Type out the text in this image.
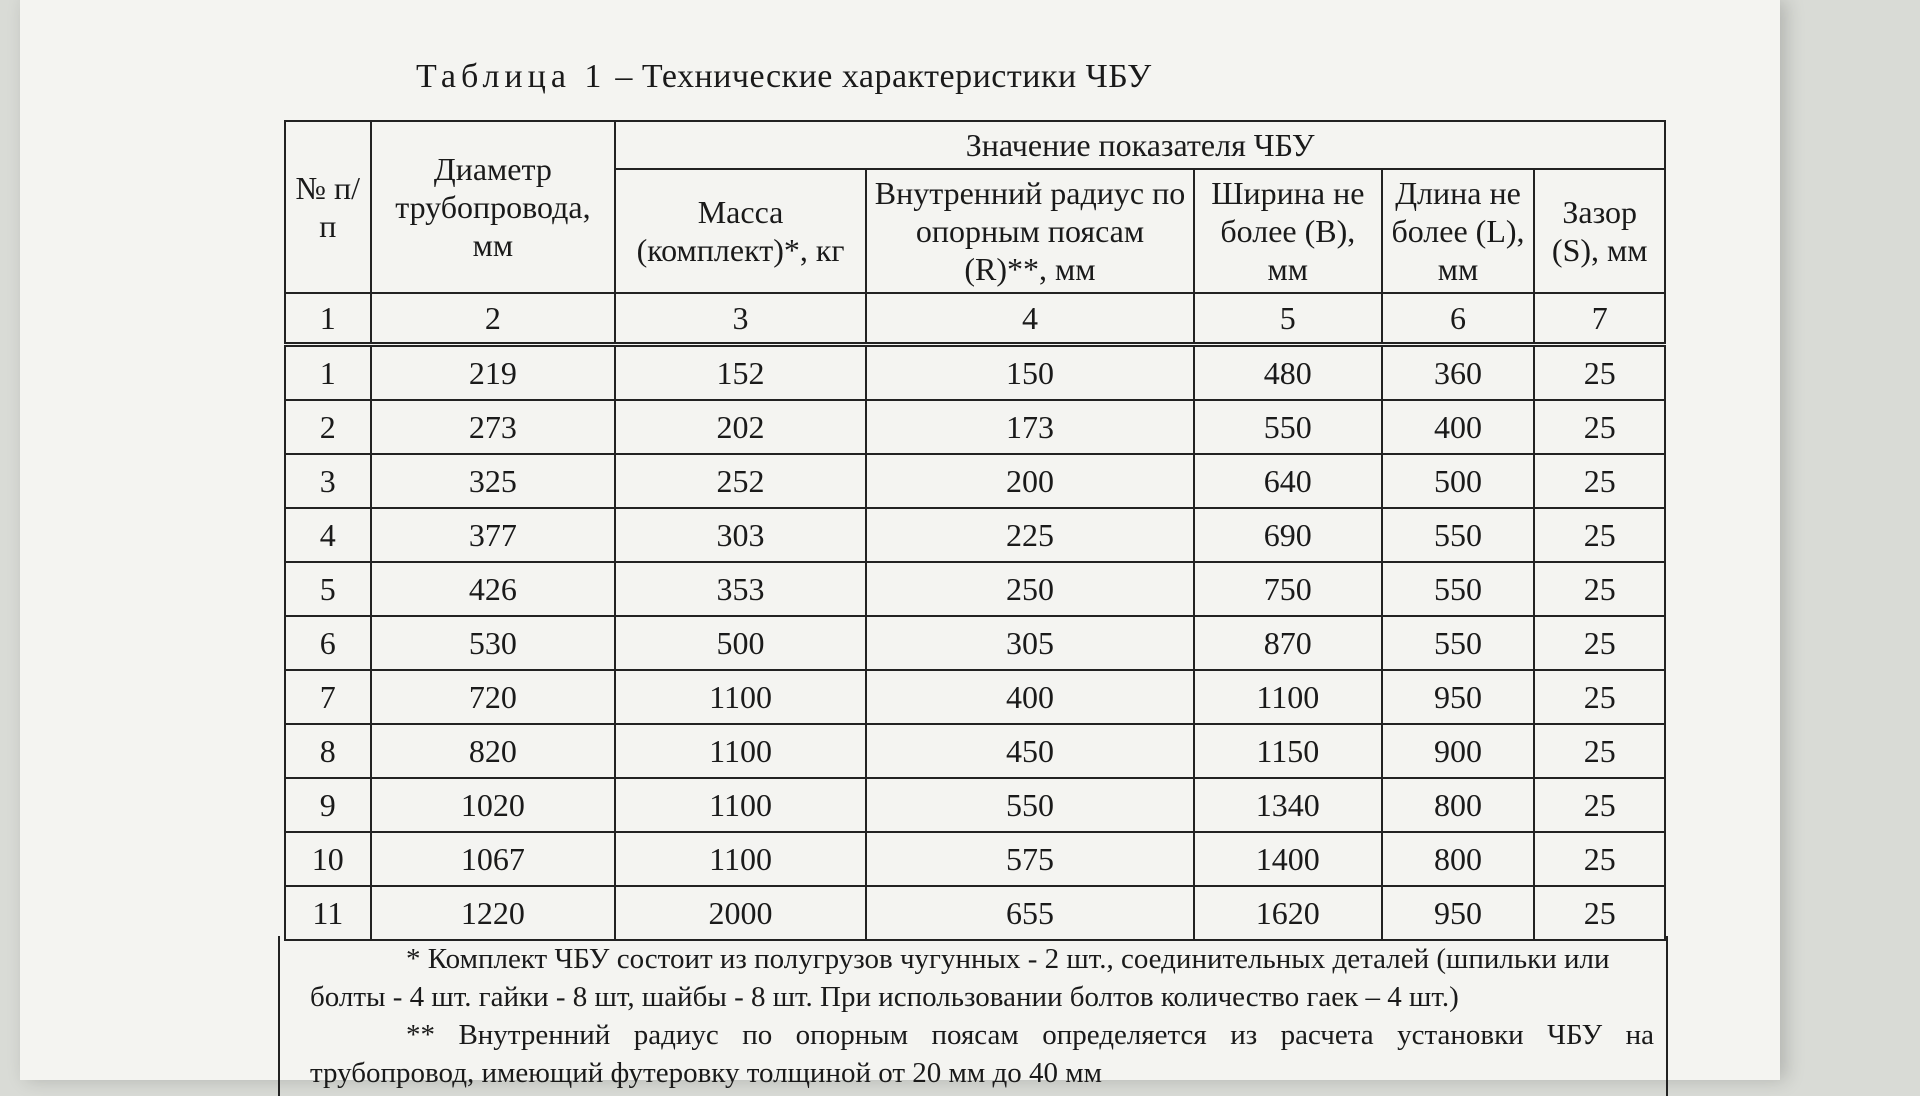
Таблица 1 – Технические характеристики ЧБУ
№ п/п	Диаметр трубопровода, мм	Значение показателя ЧБУ				
		Масса (комплект)*, кг	Внутренний радиус по опорным поясам (R)**, мм	Ширина не более (B), мм	Длина не более (L), мм	Зазор (S), мм
1	2	3	4	5	6	7
1	219	152	150	480	360	25
2	273	202	173	550	400	25
3	325	252	200	640	500	25
4	377	303	225	690	550	25
5	426	353	250	750	550	25
6	530	500	305	870	550	25
7	720	1100	400	1100	950	25
8	820	1100	450	1150	900	25
9	1020	1100	550	1340	800	25
10	1067	1100	575	1400	800	25
11	1220	2000	655	1620	950	25

* Комплект ЧБУ состоит из полугрузов чугунных - 2 шт., соединительных деталей (шпильки или

болты - 4 шт. гайки - 8 шт, шайбы - 8 шт. При использовании болтов количество гаек – 4 шт.)

** Внутренний радиус по опорным поясам определяется из расчета установки ЧБУ на

трубопровод, имеющий футеровку толщиной от 20 мм до 40 мм
